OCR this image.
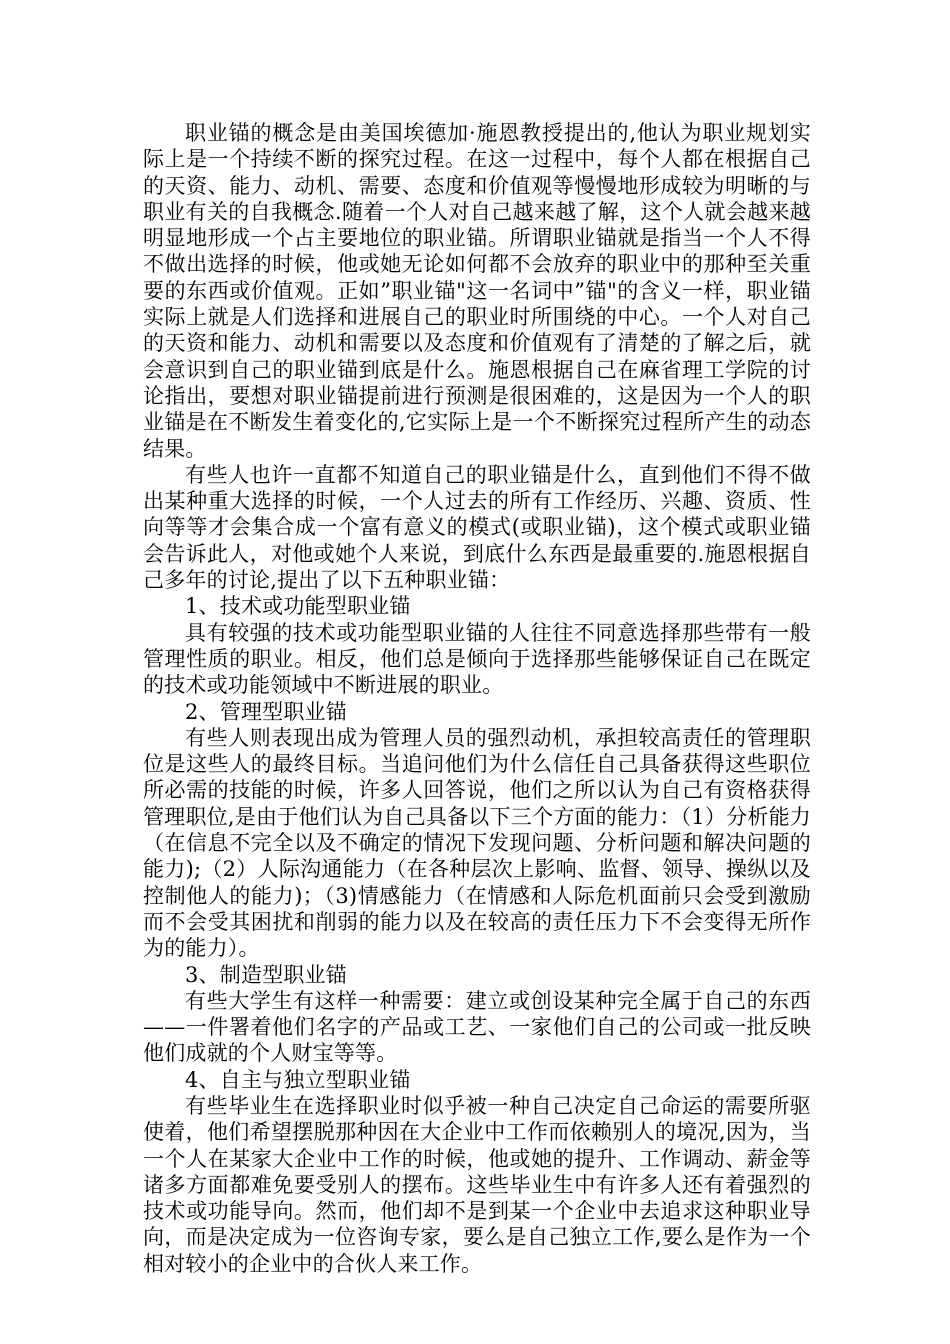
职业锚的概念是由美国埃德加·施恩教授提出的,他认为职业规划实际上是一个持续不断的探究过程。在这一过程中，每个人都在根据自己的天资、能力、动机、需要、态度和价值观等慢慢地形成较为明晰的与职业有关的自我概念.随着一个人对自己越来越了解，这个人就会越来越明显地形成一个占主要地位的职业锚。所谓职业锚就是指当一个人不得不做出选择的时候，他或她无论如何都不会放弃的职业中的那种至关重要的东西或价值观。正如”职业锚"这一名词中”锚"的含义一样，职业锚实际上就是人们选择和进展自己的职业时所围绕的中心。一个人对自己的天资和能力、动机和需要以及态度和价值观有了清楚的了解之后，就会意识到自己的职业锚到底是什么。施恩根据自己在麻省理工学院的讨论指出，要想对职业锚提前进行预测是很困难的，这是因为一个人的职业锚是在不断发生着变化的,它实际上是一个不断探究过程所产生的动态结果。

有些人也许一直都不知道自己的职业锚是什么，直到他们不得不做出某种重大选择的时候，一个人过去的所有工作经历、兴趣、资质、性向等等才会集合成一个富有意义的模式(或职业锚)，这个模式或职业锚会告诉此人，对他或她个人来说，到底什么东西是最重要的.施恩根据自己多年的讨论,提出了以下五种职业锚：

1、技术或功能型职业锚

具有较强的技术或功能型职业锚的人往往不同意选择那些带有一般管理性质的职业。相反，他们总是倾向于选择那些能够保证自己在既定的技术或功能领域中不断进展的职业。

2、管理型职业锚

有些人则表现出成为管理人员的强烈动机，承担较高责任的管理职位是这些人的最终目标。当追问他们为什么信任自己具备获得这些职位所必需的技能的时候，许多人回答说，他们之所以认为自己有资格获得管理职位,是由于他们认为自己具备以下三个方面的能力：（1）分析能力（在信息不完全以及不确定的情况下发现问题、分析问题和解决问题的能力);（2）人际沟通能力（在各种层次上影响、监督、领导、操纵以及控制他人的能力)；（3)情感能力（在情感和人际危机面前只会受到激励而不会受其困扰和削弱的能力以及在较高的责任压力下不会变得无所作为的能力）。

3、制造型职业锚

有些大学生有这样一种需要：建立或创设某种完全属于自己的东西——一件署着他们名字的产品或工艺、一家他们自己的公司或一批反映他们成就的个人财宝等等。

4、自主与独立型职业锚

有些毕业生在选择职业时似乎被一种自己决定自己命运的需要所驱使着，他们希望摆脱那种因在大企业中工作而依赖别人的境况,因为，当一个人在某家大企业中工作的时候，他或她的提升、工作调动、薪金等诸多方面都难免要受别人的摆布。这些毕业生中有许多人还有着强烈的技术或功能导向。然而，他们却不是到某一个企业中去追求这种职业导向，而是决定成为一位咨询专家，要么是自己独立工作,要么是作为一个相对较小的企业中的合伙人来工作。
